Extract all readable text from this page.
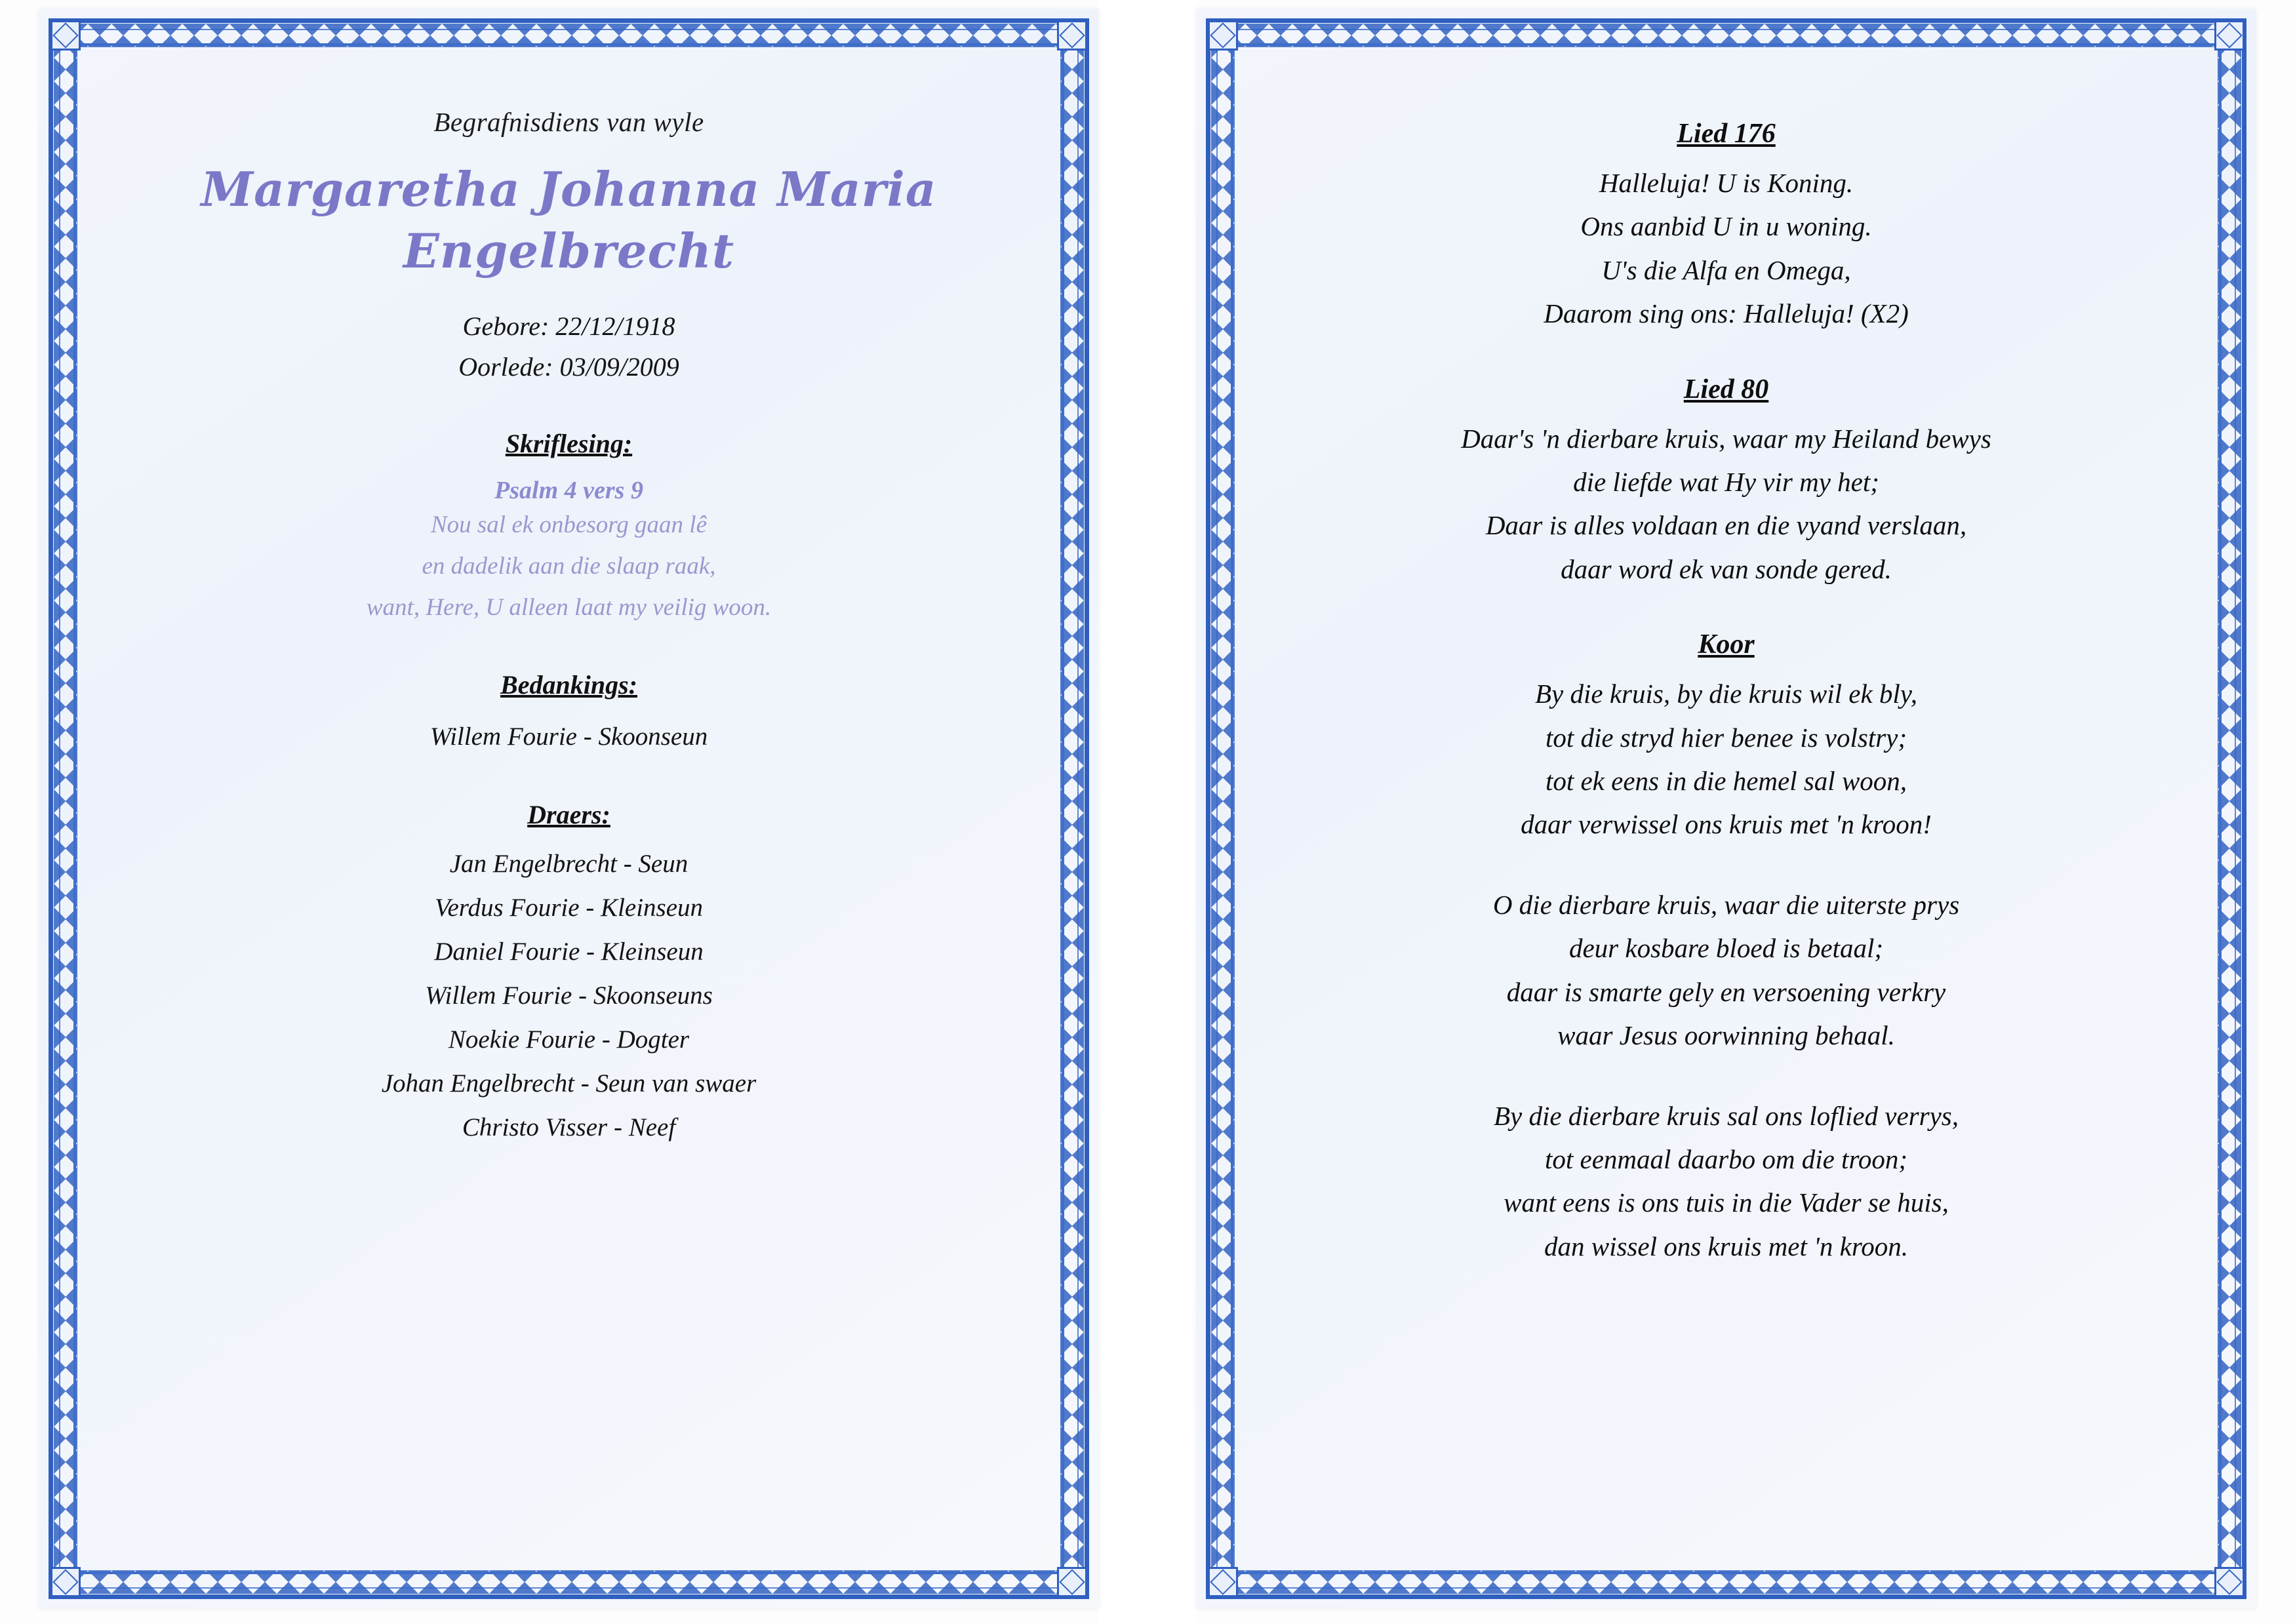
Begrafnisdiens van wyle
Margaretha Johanna Maria
Engelbrecht
Gebore: 22/12/1918
Oorlede: 03/09/2009
Skriflesing:
Psalm 4 vers 9
Nou sal ek onbesorg gaan lê
en dadelik aan die slaap raak,
want, Here, U alleen laat my veilig woon.
Bedankings:
Willem Fourie - Skoonseun
Draers:
Jan Engelbrecht - Seun
Verdus Fourie - Kleinseun
Daniel Fourie - Kleinseun
Willem Fourie - Skoonseuns
Noekie Fourie - Dogter
Johan Engelbrecht - Seun van swaer
Christo Visser - Neef
Lied 176
Halleluja! U is Koning.
Ons aanbid U in u woning.
U's die Alfa en Omega,
Daarom sing ons: Halleluja! (X2)
Lied 80
Daar's 'n dierbare kruis, waar my Heiland bewys
die liefde wat Hy vir my het;
Daar is alles voldaan en die vyand verslaan,
daar word ek van sonde gered.
Koor
By die kruis, by die kruis wil ek bly,
tot die stryd hier benee is volstry;
tot ek eens in die hemel sal woon,
daar verwissel ons kruis met 'n kroon!
O die dierbare kruis, waar die uiterste prys
deur kosbare bloed is betaal;
daar is smarte gely en versoening verkry
waar Jesus oorwinning behaal.
By die dierbare kruis sal ons loflied verrys,
tot eenmaal daarbo om die troon;
want eens is ons tuis in die Vader se huis,
dan wissel ons kruis met 'n kroon.
